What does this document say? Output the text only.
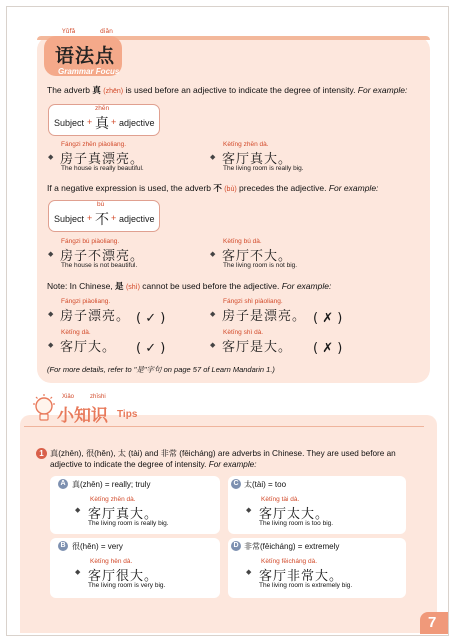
Yǔfǎ	diǎn
语法点
Grammar Focus
The adverb 真 (zhēn) is used before an adjective to indicate the degree of intensity. For example:
zhēn
Subject + 真 + adjective
◆
Fángzi zhēn piàoliang.
房子真漂亮。
The house is really beautiful.
◆
Kètīng zhēn dà.
客厅真大。
The living room is really big.
If a negative expression is used, the adverb 不 (bù) precedes the adjective. For example:
bù
Subject + 不 + adjective
◆
Fángzi bú piàoliang.
房子不漂亮。
The house is not beautiful.
◆
Kètīng bú dà.
客厅不大。
The living room is not big.
Note: In Chinese, 是 (shì) cannot be used before the adjective. For example:
◆
Fángzi piàoliang.
房子漂亮。 ( ✓ )	◆
Fángzi shì piàoliang.
房子是漂亮。 ( ✗ )
◆
Kètīng dà.
客厅大。 ( ✓ )	◆
Kètīng shì dà.
客厅是大。 ( ✗ )
(For more details, refer to "是"字句 on page 57 of Learn Mandarin 1.)
Xiǎo	zhīshi
小知识 Tips
1 真(zhēn), 很(hěn), 太 (tài) and 非常 (fēicháng) are adverbs in Chinese. They are used before an
adjective to indicate the degree of intensity. For example:
A 真(zhēn) = really; truly
Kètīng zhēn dà.
◆ 客厅真大。
The living room is really big.
C 太(tài) = too
Kètīng tài dà.
◆ 客厅太大。
The living room is too big.
B 很(hěn) = very
Kètīng hěn dà.
◆ 客厅很大。
The living room is very big.
D 非常(fēicháng) = extremely
Kètīng fēicháng dà.
◆ 客厅非常大。
The living room is extremely big.
7
